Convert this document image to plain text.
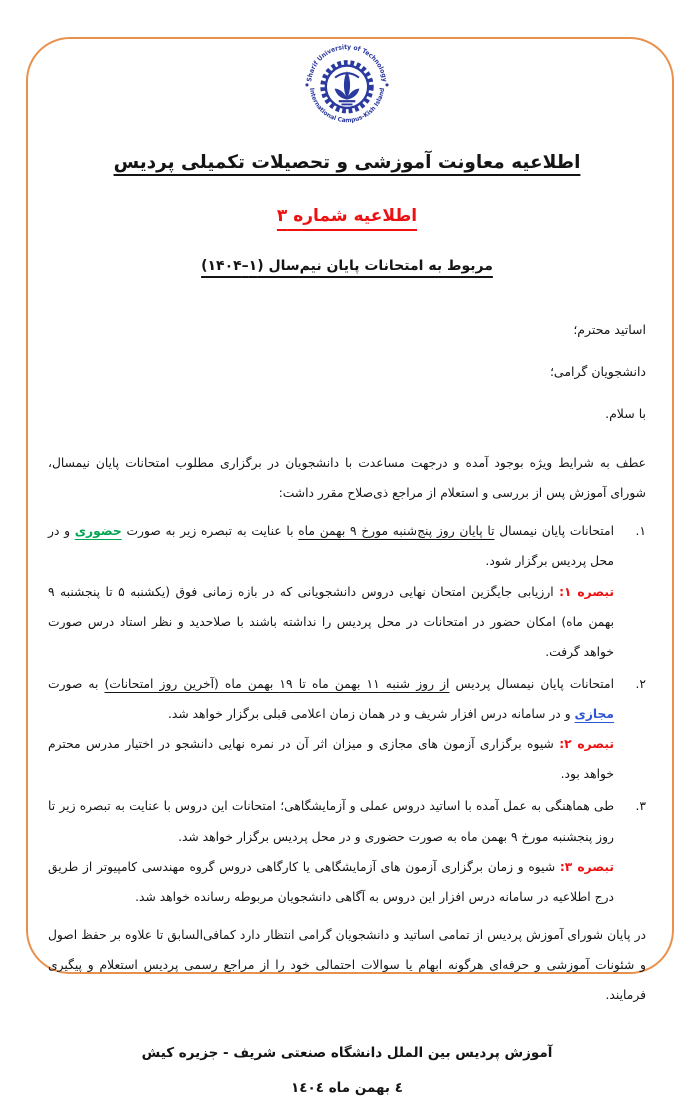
Sharif University of Technology
International Campus-Kish Island
اطلاعیه معاونت آموزشی و تحصیلات تکمیلی پردیس
اطلاعیه شماره ۳
مربوط به امتحانات پایان نیم‌سال (۱–۱۴۰۴)

اساتید محترم؛

دانشجویان گرامی؛

با سلام.

عطف به شرایط ویژه بوجود آمده و درجهت مساعدت با دانشجویان در برگزاری مطلوب امتحانات پایان نیمسال، شورای آموزش پس از بررسی و استعلام از مراجع ذی‌صلاح مقرر داشت:

۱.

امتحانات پایان نیمسال تا پایان روز پنج‌شنبه مورخ ۹ بهمن ماه با عنایت به تبصره زیر به صورت حضوری و در محل پردیس برگزار شود.

تبصره ۱: ارزیابی جایگزین امتحان نهایی دروس دانشجویانی که در بازه زمانی فوق (یکشنبه ۵ تا پنجشنبه ۹ بهمن ماه) امکان حضور در امتحانات در محل پردیس را نداشته باشند با صلاحدید و نظر استاد درس صورت خواهد گرفت.

۲.

امتحانات پایان نیمسال پردیس از روز شنبه ۱۱ بهمن ماه تا ۱۹ بهمن ماه (آخرین روز امتحانات) به صورت مجازی و در سامانه درس افزار شریف و در همان زمان اعلامی قبلی برگزار خواهد شد.

تبصره ۲: شیوه برگزاری آزمون های مجازی و میزان اثر آن در نمره نهایی دانشجو در اختیار مدرس محترم خواهد بود.

۳.

طی هماهنگی به عمل آمده با اساتید دروس عملی و آزمایشگاهی؛ امتحانات این دروس با عنایت به تبصره زیر تا روز پنجشنبه مورخ ۹ بهمن ماه به صورت حضوری و در محل پردیس برگزار خواهد شد.

تبصره ۳: شیوه و زمان برگزاری آزمون های آزمایشگاهی یا کارگاهی دروس گروه مهندسی کامپیوتر از طریق درج اطلاعیه در سامانه درس افزار این دروس به آگاهی دانشجویان مربوطه رسانده خواهد شد.

در پایان شورای آموزش پردیس از تمامی اساتید و دانشجویان گرامی انتظار دارد کمافی‌السابق تا علاوه بر حفظ اصول و شئونات آموزشی و حرفه‌ای هرگونه ابهام یا سوالات احتمالی خود را از مراجع رسمی پردیس استعلام و پیگیری فرمایند.

آموزش پردیس بین الملل دانشگاه صنعتی شریف - جزیره کیش

٤ بهمن ماه ١٤٠٤
